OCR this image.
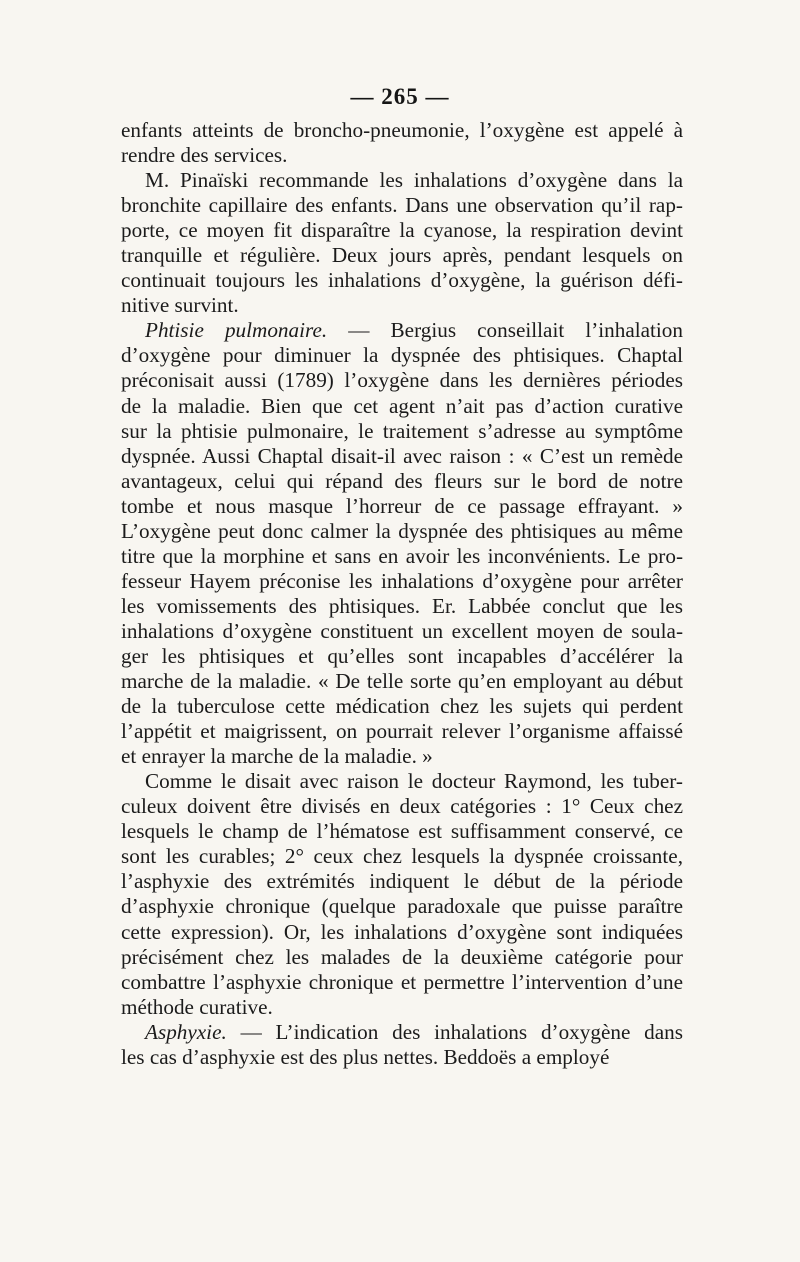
— 265 —
enfants atteints de broncho-pneumonie, l’oxygène est appelé à
rendre des services.
M. Pinaïski recommande les inhalations d’oxygène dans la
bronchite capillaire des enfants. Dans une observation qu’il rap-
porte, ce moyen fit disparaître la cyanose, la respiration devint
tranquille et régulière. Deux jours après, pendant lesquels on
continuait toujours les inhalations d’oxygène, la guérison défi-
nitive survint.
Phtisie pulmonaire. — Bergius conseillait l’inhalation
d’oxygène pour diminuer la dyspnée des phtisiques. Chaptal
préconisait aussi (1789) l’oxygène dans les dernières périodes
de la maladie. Bien que cet agent n’ait pas d’action curative
sur la phtisie pulmonaire, le traitement s’adresse au symptôme
dyspnée. Aussi Chaptal disait-il avec raison : « C’est un remède
avantageux, celui qui répand des fleurs sur le bord de notre
tombe et nous masque l’horreur de ce passage effrayant. »
L’oxygène peut donc calmer la dyspnée des phtisiques au même
titre que la morphine et sans en avoir les inconvénients. Le pro-
fesseur Hayem préconise les inhalations d’oxygène pour arrêter
les vomissements des phtisiques. Er. Labbée conclut que les
inhalations d’oxygène constituent un excellent moyen de soula-
ger les phtisiques et qu’elles sont incapables d’accélérer la
marche de la maladie. « De telle sorte qu’en employant au début
de la tuberculose cette médication chez les sujets qui perdent
l’appétit et maigrissent, on pourrait relever l’organisme affaissé
et enrayer la marche de la maladie. »
Comme le disait avec raison le docteur Raymond, les tuber-
culeux doivent être divisés en deux catégories : 1° Ceux chez
lesquels le champ de l’hématose est suffisamment conservé, ce
sont les curables; 2° ceux chez lesquels la dyspnée croissante,
l’asphyxie des extrémités indiquent le début de la période
d’asphyxie chronique (quelque paradoxale que puisse paraître
cette expression). Or, les inhalations d’oxygène sont indiquées
précisément chez les malades de la deuxième catégorie pour
combattre l’asphyxie chronique et permettre l’intervention d’une
méthode curative.
Asphyxie. — L’indication des inhalations d’oxygène dans
les cas d’asphyxie est des plus nettes. Beddoës a employé
